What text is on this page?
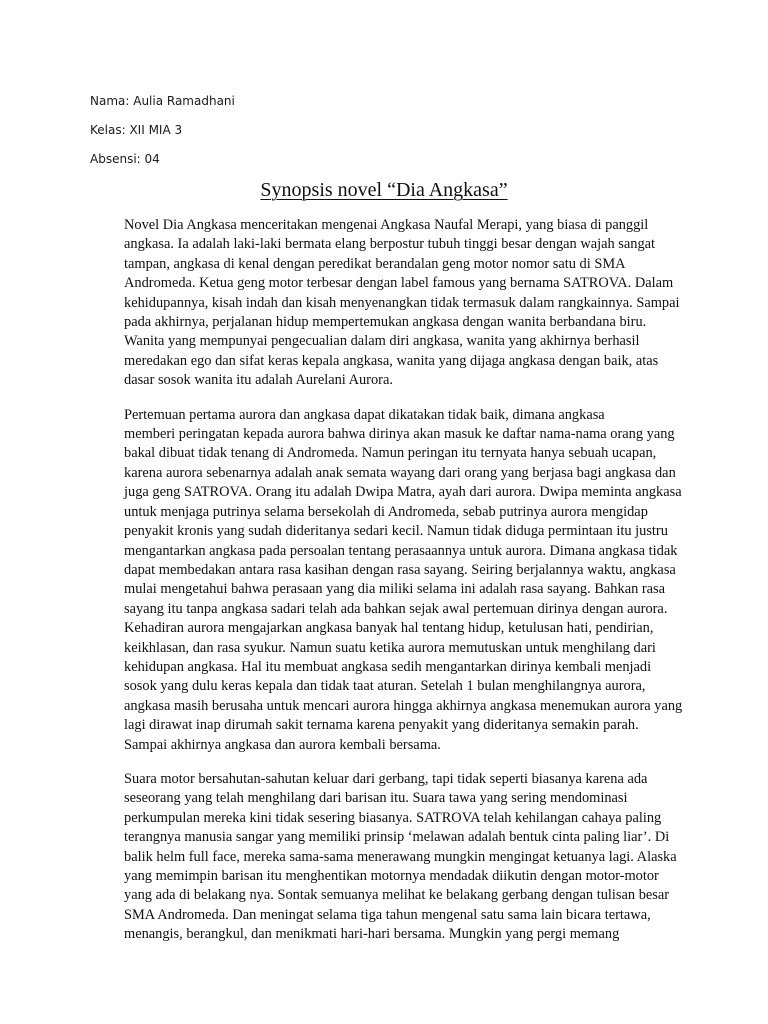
Nama: Aulia Ramadhani
Kelas: XII MIA 3
Absensi: 04
Synopsis novel “Dia Angkasa”

Novel Dia Angkasa menceritakan mengenai Angkasa Naufal Merapi, yang biasa di panggil
angkasa. Ia adalah laki-laki bermata elang berpostur tubuh tinggi besar dengan wajah sangat
tampan, angkasa di kenal dengan peredikat berandalan geng motor nomor satu di SMA
Andromeda. Ketua geng motor terbesar dengan label famous yang bernama SATROVA. Dalam
kehidupannya, kisah indah dan kisah menyenangkan tidak termasuk dalam rangkainnya. Sampai
pada akhirnya, perjalanan hidup mempertemukan angkasa dengan wanita berbandana biru.
Wanita yang mempunyai pengecualian dalam diri angkasa, wanita yang akhirnya berhasil
meredakan ego dan sifat keras kepala angkasa, wanita yang dijaga angkasa dengan baik, atas
dasar sosok wanita itu adalah Aurelani Aurora.

Pertemuan pertama aurora dan angkasa dapat dikatakan tidak baik, dimana angkasa
memberi peringatan kepada aurora bahwa dirinya akan masuk ke daftar nama-nama orang yang
bakal dibuat tidak tenang di Andromeda. Namun peringan itu ternyata hanya sebuah ucapan,
karena aurora sebenarnya adalah anak semata wayang dari orang yang berjasa bagi angkasa dan
juga geng SATROVA. Orang itu adalah Dwipa Matra, ayah dari aurora. Dwipa meminta angkasa
untuk menjaga putrinya selama bersekolah di Andromeda, sebab putrinya aurora mengidap
penyakit kronis yang sudah dideritanya sedari kecil. Namun tidak diduga permintaan itu justru
mengantarkan angkasa pada persoalan tentang perasaannya untuk aurora. Dimana angkasa tidak
dapat membedakan antara rasa kasihan dengan rasa sayang. Seiring berjalannya waktu, angkasa
mulai mengetahui bahwa perasaan yang dia miliki selama ini adalah rasa sayang. Bahkan rasa
sayang itu tanpa angkasa sadari telah ada bahkan sejak awal pertemuan dirinya dengan aurora.
Kehadiran aurora mengajarkan angkasa banyak hal tentang hidup, ketulusan hati, pendirian,
keikhlasan, dan rasa syukur. Namun suatu ketika aurora memutuskan untuk menghilang dari
kehidupan angkasa. Hal itu membuat angkasa sedih mengantarkan dirinya kembali menjadi
sosok yang dulu keras kepala dan tidak taat aturan. Setelah 1 bulan menghilangnya aurora,
angkasa masih berusaha untuk mencari aurora hingga akhirnya angkasa menemukan aurora yang
lagi dirawat inap dirumah sakit ternama karena penyakit yang dideritanya semakin parah.
Sampai akhirnya angkasa dan aurora kembali bersama.

Suara motor bersahutan-sahutan keluar dari gerbang, tapi tidak seperti biasanya karena ada
seseorang yang telah menghilang dari barisan itu. Suara tawa yang sering mendominasi
perkumpulan mereka kini tidak sesering biasanya. SATROVA telah kehilangan cahaya paling
terangnya manusia sangar yang memiliki prinsip ‘melawan adalah bentuk cinta paling liar’. Di
balik helm full face, mereka sama-sama menerawang mungkin mengingat ketuanya lagi. Alaska
yang memimpin barisan itu menghentikan motornya mendadak diikutin dengan motor-motor
yang ada di belakang nya. Sontak semuanya melihat ke belakang gerbang dengan tulisan besar
SMA Andromeda. Dan meningat selama tiga tahun mengenal satu sama lain bicara tertawa,
menangis, berangkul, dan menikmati hari-hari bersama. Mungkin yang pergi memang
